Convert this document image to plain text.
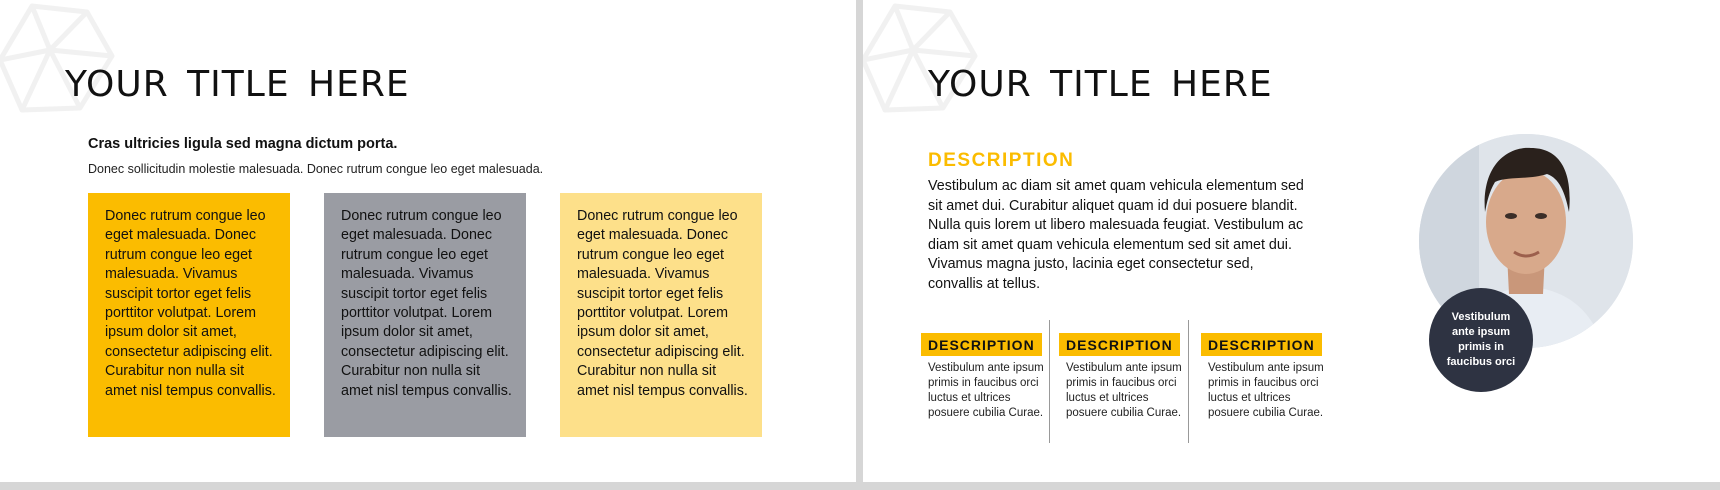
YOUR TITLE HERE
Cras ultricies ligula sed magna dictum porta.
Donec sollicitudin molestie malesuada. Donec rutrum congue leo eget malesuada.
Donec rutrum congue leo eget malesuada. Donec rutrum congue leo eget malesuada. Vivamus suscipit tortor eget felis porttitor volutpat. Lorem ipsum dolor sit amet, consectetur adipiscing elit. Curabitur non nulla sit amet nisl tempus convallis.
Donec rutrum congue leo eget malesuada. Donec rutrum congue leo eget malesuada. Vivamus suscipit tortor eget felis porttitor volutpat. Lorem ipsum dolor sit amet, consectetur adipiscing elit. Curabitur non nulla sit amet nisl tempus convallis.
Donec rutrum congue leo eget malesuada. Donec rutrum congue leo eget malesuada. Vivamus suscipit tortor eget felis porttitor volutpat. Lorem ipsum dolor sit amet, consectetur adipiscing elit. Curabitur non nulla sit amet nisl tempus convallis.
YOUR TITLE HERE
DESCRIPTION
Vestibulum ac diam sit amet quam vehicula elementum sed sit amet dui. Curabitur aliquet quam id dui posuere blandit. Nulla quis lorem ut libero malesuada feugiat. Vestibulum ac diam sit amet quam vehicula elementum sed sit amet dui. Vivamus magna justo, lacinia eget consectetur sed, convallis at tellus.
DESCRIPTION
Vestibulum ante ipsum primis in faucibus orci luctus et ultrices posuere cubilia Curae.
DESCRIPTION
Vestibulum ante ipsum primis in faucibus orci luctus et ultrices posuere cubilia Curae.
DESCRIPTION
Vestibulum ante ipsum primis in faucibus orci luctus et ultrices posuere cubilia Curae.
Vestibulum ante ipsum primis in faucibus orci
